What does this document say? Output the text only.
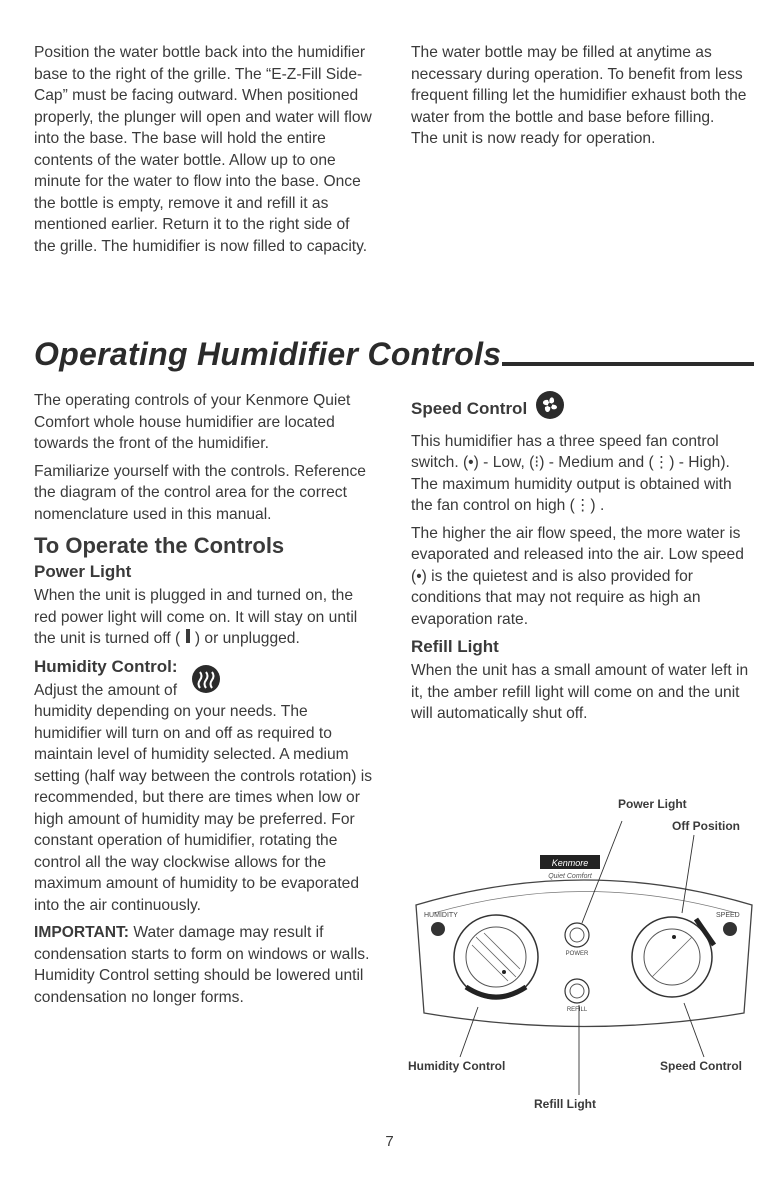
Position the water bottle back into the humidifier base to the right of the grille. The “E-Z-Fill Side-Cap” must be facing outward. When positioned properly, the plunger will open and water will flow into the base. The base will hold the entire contents of the water bottle. Allow up to one minute for the water to flow into the base. Once the bottle is empty, remove it and refill it as mentioned earlier. Return it to the right side of the grille. The humidifier is now filled to capacity.

The water bottle may be filled at anytime as necessary during operation. To benefit from less frequent filling let the humidifier exhaust both the water from the bottle and base before filling.

The unit is now ready for operation.

Operating Humidifier Controls

The operating controls of your Kenmore Quiet Comfort whole house humidifier are located towards the front of the humidifier.

Familiarize yourself with the controls. Reference the diagram of the control area for the correct nomenclature used in this manual.

To Operate the Controls
Power Light

When the unit is plugged in and turned on, the red power light will come on. It will stay on until the unit is turned off ( ) or unplugged.

Humidity Control:

Adjust the amount of
humidity depending on your needs. The humidifier will turn on and off as required to maintain level of humidity selected. A medium setting (half way between the controls rotation) is recommended, but there are times when low or high amount of humidity may be preferred. For constant operation of humidifier, rotating the control all the way clockwise allows for the maximum amount of humidity to be evaporated into the air continuously.

IMPORTANT: Water damage may result if condensation starts to form on windows or walls. Humidity Control setting should be lowered until condensation no longer forms.

Speed Control

This humidifier has a three speed fan control switch. (•) - Low, (⁝) - Medium and (⋮) - High). The maximum humidity output is obtained with the fan control on high (⋮) .

The higher the air flow speed, the more water is evaporated and released into the air. Low speed (•) is the quietest and is also provided for conditions that may not require as high an evaporation rate.

Refill Light

When the unit has a small amount of water left in it, the amber refill light will come on and the unit will automatically shut off.

Kenmore
Quiet Comfort
POWER
REFILL
HUMIDITY	SPEED
Power Light
Off Position
Humidity Control	Speed Control
Refill Light
7
